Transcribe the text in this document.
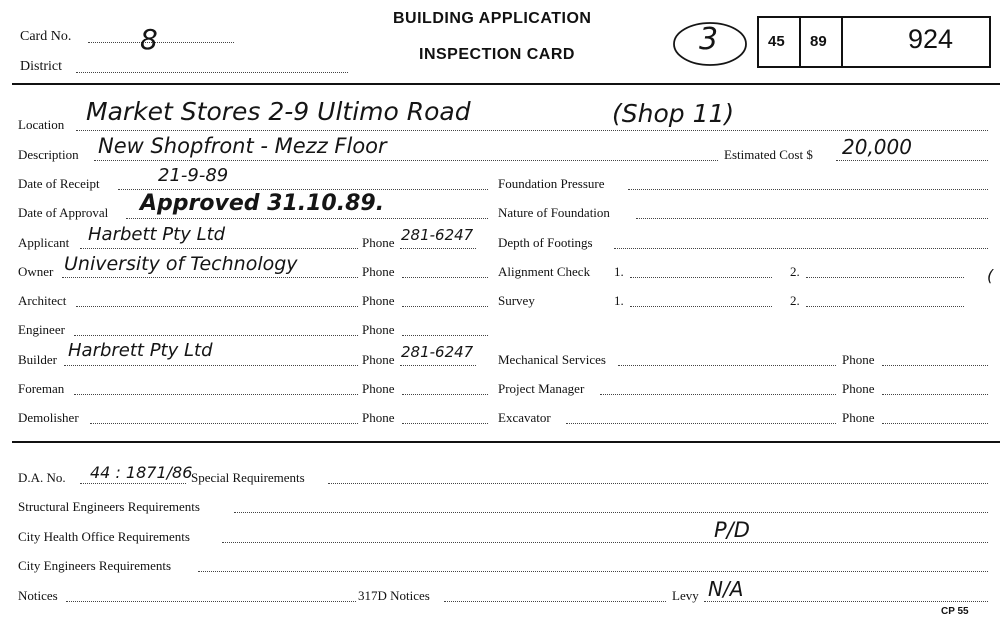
Card No. 8
District
BUILDING APPLICATION
INSPECTION CARD	3	45 89	924
Location Market Stores 2-9 Ultimo Road	(Shop 11)
Description New Shopfront - Mezz Floor	Estimated Cost $ 20,000
Date of Receipt	21-9-89
Date of Approval Approved 31.10.89.
Applicant Harbett Pty Ltd	Phone 281-6247
Owner University of Technology	Phone
Architect	Phone
Engineer	Phone
Builder Harbrett Pty Ltd	Phone 281-6247
Foreman	Phone
Demolisher	Phone
Foundation Pressure
Nature of Foundation
Depth of Footings
Alignment Check 1.	2.	(
Survey	1.	2.
Mechanical Services	Phone
Project Manager	Phone
Excavator	Phone
D.A. No. 44 : 1871/86
Special Requirements
Structural Engineers Requirements
City Health Office Requirements	P/D
City Engineers Requirements
Notices	317D Notices	Levy N/A
CP 55
